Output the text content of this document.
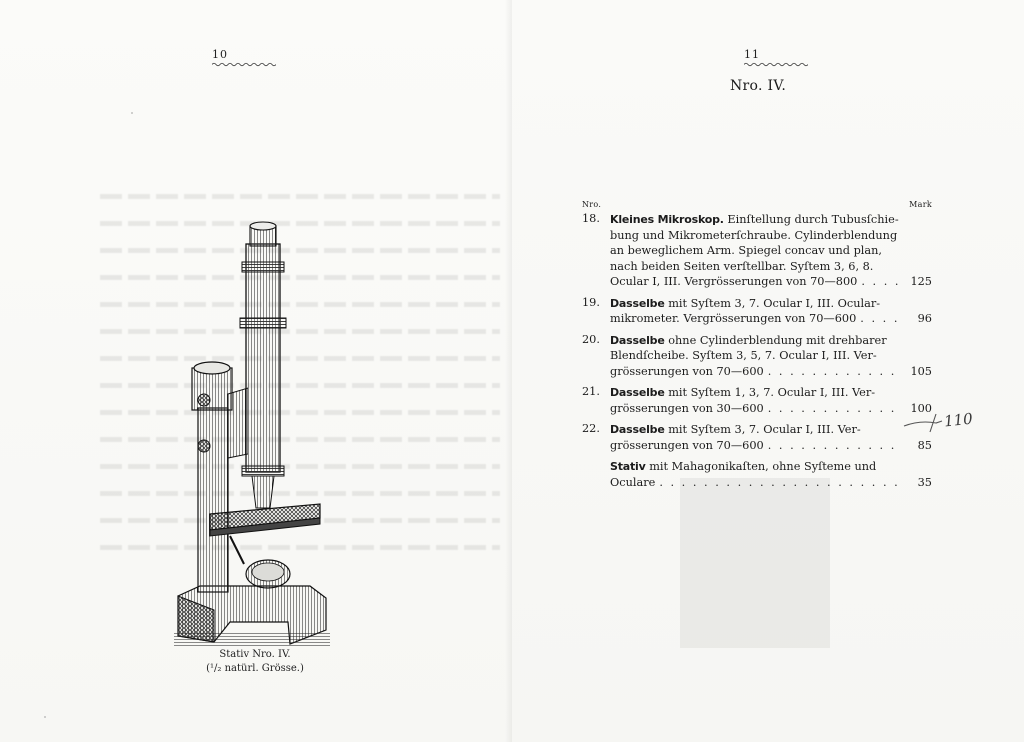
10
Stativ Nro. IV.
(¹/₂ natürl. Grösse.)
11
Nro. IV.
Nro.	Mark
18. Kleines Mikroskop. Einſtellung durch Tubusſchie-
bung und Mikrometerſchraube. Cylinderblendung
an beweglichem Arm. Spiegel concav und plan,
nach beiden Seiten verſtellbar. Syſtem 3, 6, 8.
Ocular I, III. Vergrösserungen von 70—800 . . .	125
19. Dasselbe mit Syſtem 3, 7. Ocular I, III. Ocular-
mikrometer. Vergrösserungen von 70—600 . . .	96
20. Dasselbe ohne Cylinderblendung mit drehbarer
Blendſcheibe. Syſtem 3, 5, 7. Ocular I, III. Ver-
grösserungen von 70—600 . . .	105
21. Dasselbe mit Syſtem 1, 3, 7. Ocular I, III. Ver-
grösserungen von 30—600 . . .	100
22. Dasselbe mit Syſtem 3, 7. Ocular I, III. Ver-
grösserungen von 70—600 . . .	85
Stativ mit Mahagonikaſten, ohne Syſteme und
Oculare . . .	35
110
